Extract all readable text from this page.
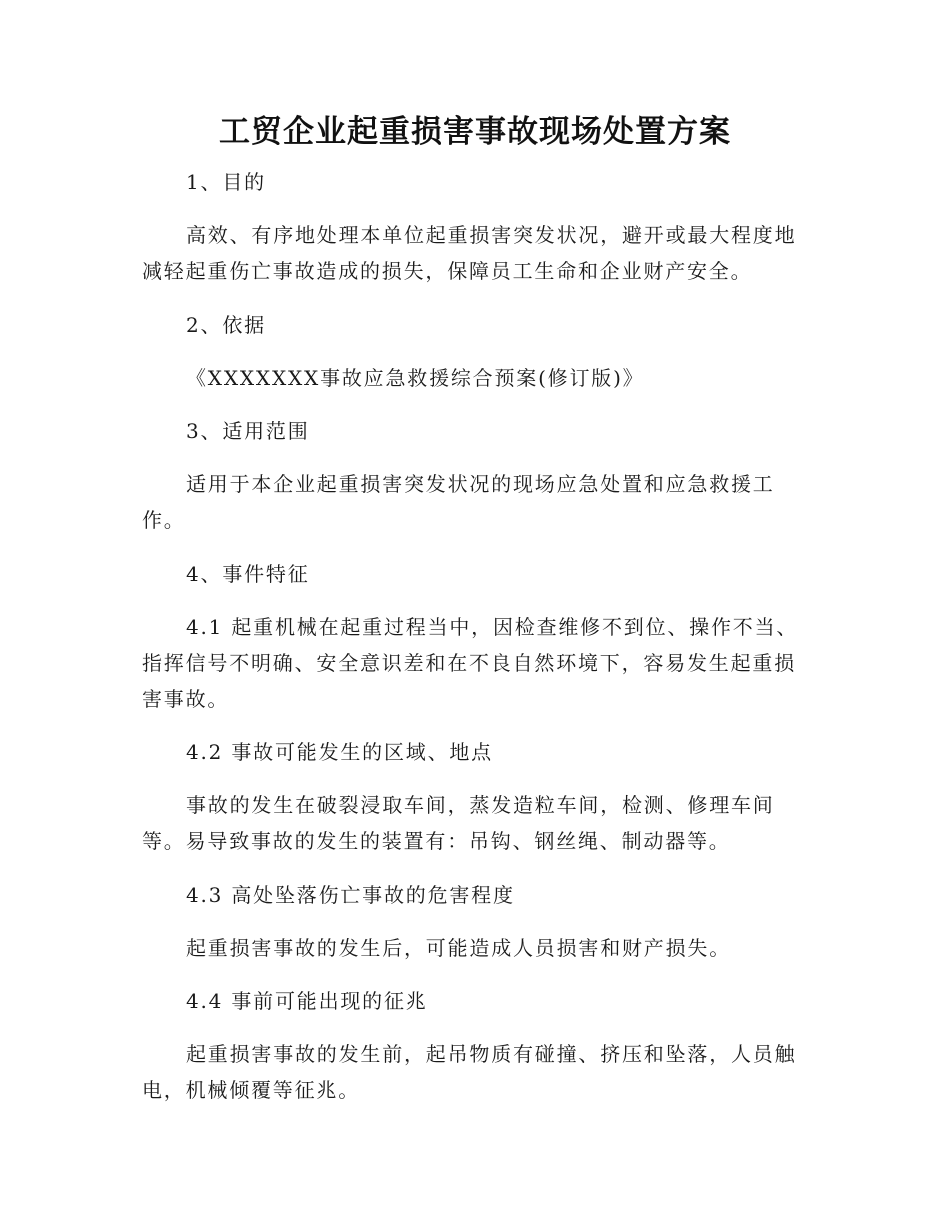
工贸企业起重损害事故现场处置方案

1、目的

高效、有序地处理本单位起重损害突发状况，避开或最大程度地
减轻起重伤亡事故造成的损失，保障员工生命和企业财产安全。

2、依据

《XXXXXXX事故应急救援综合预案(修订版)》

3、适用范围

适用于本企业起重损害突发状况的现场应急处置和应急救援工
作。

4、事件特征

4.1 起重机械在起重过程当中，因检查维修不到位、操作不当、
指挥信号不明确、安全意识差和在不良自然环境下，容易发生起重损
害事故。

4.2 事故可能发生的区域、地点

事故的发生在破裂浸取车间，蒸发造粒车间，检测、修理车间
等。易导致事故的发生的装置有：吊钩、钢丝绳、制动器等。

4.3 高处坠落伤亡事故的危害程度

起重损害事故的发生后，可能造成人员损害和财产损失。

4.4 事前可能出现的征兆

起重损害事故的发生前，起吊物质有碰撞、挤压和坠落，人员触
电，机械倾覆等征兆。
